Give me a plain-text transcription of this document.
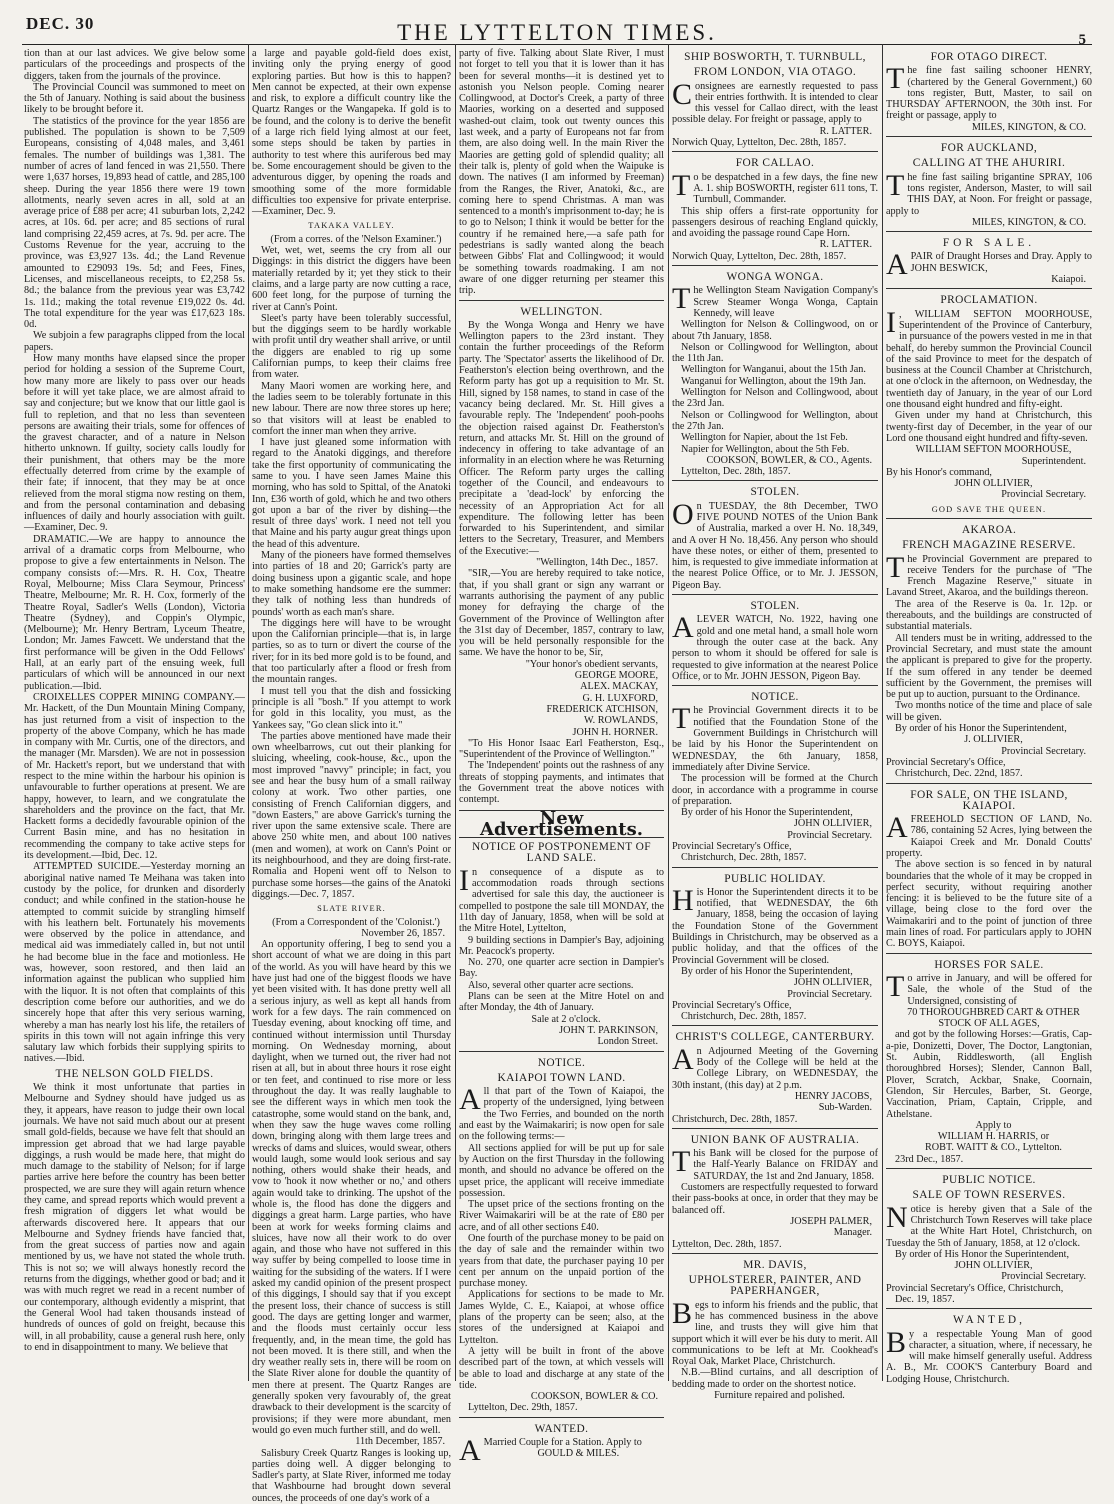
DEC. 30	THE LYTTELTON TIMES.	5

tion than at our last advices. We give below some particulars of the proceedings and prospects of the diggers, taken from the journals of the province.

The Provincial Council was summoned to meet on the 5th of January. Nothing is said about the business likely to be brought before it.

The statistics of the province for the year 1856 are published. The population is shown to be 7,509 Europeans, consisting of 4,048 males, and 3,461 females. The number of buildings was 1,381. The number of acres of land fenced in was 21,550. There were 1,637 horses, 19,893 head of cattle, and 285,100 sheep. During the year 1856 there were 19 town allotments, nearly seven acres in all, sold at an average price of £88 per acre; 41 suburban lots, 2,242 acres, at 10s. 6d. per acre; and 85 sections of rural land comprising 22,459 acres, at 7s. 9d. per acre. The Customs Revenue for the year, accruing to the province, was £3,927 13s. 4d.; the Land Revenue amounted to £29093 19s. 5d; and Fees, Fines, Licenses, and miscellaneous receipts, to £2,258 5s. 8d.; the balance from the previous year was £3,742 1s. 11d.; making the total revenue £19,022 0s. 4d. The total expenditure for the year was £17,623 18s. 0d.

We subjoin a few paragraphs clipped from the local papers.

How many months have elapsed since the proper period for holding a session of the Supreme Court, how many more are likely to pass over our heads before it will yet take place, we are almost afraid to say and conjecture; but we know that our little gaol is full to repletion, and that no less than seventeen persons are awaiting their trials, some for offences of the gravest character, and of a nature in Nelson hitherto unknown. If guilty, society calls loudly for their punishment, that others may be the more effectually deterred from crime by the example of their fate; if innocent, that they may be at once relieved from the moral stigma now resting on them, and from the personal contamination and debasing influences of daily and hourly association with guilt.—Examiner, Dec. 9.

DRAMATIC.—We are happy to announce the arrival of a dramatic corps from Melbourne, who propose to give a few entertainments in Nelson. The company consists of:—Mrs. R. H. Cox, Theatre Royal, Melbourne; Miss Clara Seymour, Princess' Theatre, Melbourne; Mr. R. H. Cox, formerly of the Theatre Royal, Sadler's Wells (London), Victoria Theatre (Sydney), and Coppin's Olympic, (Melbourne); Mr. Henry Bertram, Lyceum Theatre, London; Mr. James Fawcett. We understand that the first performance will be given in the Odd Fellows' Hall, at an early part of the ensuing week, full particulars of which will be announced in our next publication.—Ibid.

CROIXELLES COPPER MINING COMPANY.—Mr. Hackett, of the Dun Mountain Mining Company, has just returned from a visit of inspection to the property of the above Company, which he has made in company with Mr. Curtis, one of the directors, and the manager (Mr. Marsden). We are not in possession of Mr. Hackett's report, but we understand that with respect to the mine within the harbour his opinion is unfavourable to further operations at present. We are happy, however, to learn, and we congratulate the shareholders and the province on the fact, that Mr. Hackett forms a decidedly favourable opinion of the Current Basin mine, and has no hesitation in recommending the company to take active steps for its development.—Ibid, Dec. 12.

ATTEMPTED SUICIDE.—Yesterday morning an aboriginal native named Te Meihana was taken into custody by the police, for drunken and disorderly conduct; and while confined in the station-house he attempted to commit suicide by strangling himself with his leathern belt. Fortunately his movements were observed by the police in attendance, and medical aid was immediately called in, but not until he had become blue in the face and motionless. He was, however, soon restored, and then laid an information against the publican who supplied him with the liquor. It is not often that complaints of this description come before our authorities, and we do sincerely hope that after this very serious warning, whereby a man has nearly lost his life, the retailers of spirits in this town will not again infringe this very salutary law which forbids their supplying spirits to natives.—Ibid.

THE NELSON GOLD FIELDS.

We think it most unfortunate that parties in Melbourne and Sydney should have judged us as they, it appears, have reason to judge their own local journals. We have not said much about our at present small gold-fields, because we have felt that should an impression get abroad that we had large payable diggings, a rush would be made here, that might do much damage to the stability of Nelson; for if large parties arrive here before the country has been better prospected, we are sure they will again return whence they came, and spread reports which would prevent a fresh migration of diggers let what would be afterwards discovered here. It appears that our Melbourne and Sydney friends have fancied that, from the great success of parties now and again mentioned by us, we have not stated the whole truth. This is not so; we will always honestly record the returns from the diggings, whether good or bad; and it was with much regret we read in a recent number of our contemporary, although evidently a misprint, that the General Wool had taken thousands instead of hundreds of ounces of gold on freight, because this will, in all probability, cause a general rush here, only to end in disappointment to many. We believe that

a large and payable gold-field does exist, inviting only the prying energy of good exploring parties. But how is this to happen? Men cannot be expected, at their own expense and risk, to explore a difficult country like the Quartz Ranges or the Wangapeka. If gold is to be found, and the colony is to derive the benefit of a large rich field lying almost at our feet, some steps should be taken by parties in authority to test where this auriferous bed may be. Some encouragement should be given to the adventurous digger, by opening the roads and smoothing some of the more formidable difficulties too expensive for private enterprise.—Examiner, Dec. 9.

TAKAKA VALLEY.

(From a corres. of the 'Nelson Examiner.')

Wet, wet, wet, seems the cry from all our Diggings: in this district the diggers have been materially retarded by it; yet they stick to their claims, and a large party are now cutting a race, 600 feet long, for the purpose of turning the river at Cann's Point.

Sleet's party have been tolerably successful, but the diggings seem to be hardly workable with profit until dry weather shall arrive, or until the diggers are enabled to rig up some Californian pumps, to keep their claims free from water.

Many Maori women are working here, and the ladies seem to be tolerably fortunate in this new labour. There are now three stores up here; so that visitors will at least be enabled to comfort the inner man when they arrive.

I have just gleaned some information with regard to the Anatoki diggings, and therefore take the first opportunity of communicating the same to you. I have seen James Maine this morning, who has sold to Spittal, of the Anatoki Inn, £36 worth of gold, which he and two others got upon a bar of the river by dishing—the result of three days' work. I need not tell you that Maine and his party augur great things upon the head of this adventure.

Many of the pioneers have formed themselves into parties of 18 and 20; Garrick's party are doing business upon a gigantic scale, and hope to make something handsome ere the summer: they talk of nothing less than hundreds of pounds' worth as each man's share.

The diggings here will have to be wrought upon the Californian principle—that is, in large parties, so as to turn or divert the course of the river; for in its bed more gold is to be found, and that too particularly after a flood or fresh from the mountain ranges.

I must tell you that the dish and fossicking principle is all "bosh." If you attempt to work for gold in this locality, you must, as the Yankees say, "Go clean slick into it."

The parties above mentioned have made their own wheelbarrows, cut out their planking for sluicing, wheeling, cook-house, &c., upon the most improved "navvy" principle; in fact, you see and hear the busy hum of a small railway colony at work. Two other parties, one consisting of French Californian diggers, and "down Easters," are above Garrick's turning the river upon the same extensive scale. There are above 250 white men, and about 100 natives (men and women), at work on Cann's Point or its neighbourhood, and they are doing first-rate. Romalia and Hopeni went off to Nelson to purchase some horses—the gains of the Anatoki diggings.—Dec. 7, 1857.

SLATE RIVER.

(From a Correspondent of the 'Colonist.')

November 26, 1857.

An opportunity offering, I beg to send you a short account of what we are doing in this part of the world. As you will have heard by this we have just had one of the biggest floods we have yet been visited with. It has done pretty well all a serious injury, as well as kept all hands from work for a few days. The rain commenced on Tuesday evening, about knocking off time, and continued without intermission until Thursday morning. On Wednesday morning, about daylight, when we turned out, the river had not risen at all, but in about three hours it rose eight or ten feet, and continued to rise more or less throughout the day. It was really laughable to see the different ways in which men took the catastrophe, some would stand on the bank, and, when they saw the huge waves come rolling down, bringing along with them large trees and wrecks of dams and sluices, would swear, others would laugh, some would look serious and say nothing, others would shake their heads, and vow to 'hook it now whether or no,' and others again would take to drinking. The upshot of the whole is, the flood has done the diggers and diggings a great harm. Large parties, who have been at work for weeks forming claims and sluices, have now all their work to do over again, and those who have not suffered in this way suffer by being compelled to loose time in waiting for the subsiding of the waters. If I were asked my candid opinion of the present prospect of this diggings, I should say that if you except the present loss, their chance of success is still good. The days are getting longer and warmer, and the floods must certainly occur less frequently, and, in the mean time, the gold has not been moved. It is there still, and when the dry weather really sets in, there will be room on the Slate River alone for double the quantity of men there at present. The Quartz Ranges are generally spoken very favourably of, the great drawback to their development is the scarcity of provisions; if they were more abundant, men would go even much further still, and do well.

11th December, 1857.

Salisbury Creek Quartz Ranges is looking up, parties doing well. A digger belonging to Sadler's party, at Slate River, informed me today that Washbourne had brought down several ounces, the proceeds of one day's work of a

party of five. Talking about Slate River, I must not forget to tell you that it is lower than it has been for several months—it is destined yet to astonish you Nelson people. Coming nearer Collingwood, at Doctor's Creek, a party of three Maories, working on a deserted and supposed washed-out claim, took out twenty ounces this last week, and a party of Europeans not far from them, are also doing well. In the main River the Maories are getting gold of splendid quality; all their talk is, plenty of gold when the Waipuke is down. The natives (I am informed by Freeman) from the Ranges, the River, Anatoki, &c., are coming here to spend Christmas. A man was sentenced to a month's imprisonment to-day; he is to go to Nelson; I think it would be better for the country if he remained here,—a safe path for pedestrians is sadly wanted along the beach between Gibbs' Flat and Collingwood; it would be something towards roadmaking. I am not aware of one digger returning per steamer this trip.

WELLINGTON.

By the Wonga Wonga and Henry we have Wellington papers to the 23rd instant. They contain the further proceedings of the Reform party. The 'Spectator' asserts the likelihood of Dr. Featherston's election being overthrown, and the Reform party has got up a requisition to Mr. St. Hill, signed by 158 names, to stand in case of the vacancy being declared. Mr. St. Hill gives a favourable reply. The 'Independent' pooh-poohs the objection raised against Dr. Featherston's return, and attacks Mr. St. Hill on the ground of indecency in offering to take advantage of an informality in an election where he was Returning Officer. The Reform party urges the calling together of the Council, and endeavours to precipitate a 'dead-lock' by enforcing the necessity of an Appropriation Act for all expenditure. The following letter has been forwarded to his Superintendent, and similar letters to the Secretary, Treasurer, and Members of the Executive:—

"Wellington, 14th Dec., 1857.

"SIR,—You are hereby required to take notice, that, if you shall grant or sign any warrant or warrants authorising the payment of any public money for defraying the charge of the Government of the Province of Wellington after the 31st day of December, 1857, contrary to law, you will be held personally responsible for the same. We have the honor to be, Sir,

"Your honor's obedient servants,

GEORGE MOORE,

ALEX. MACKAY,

G. H. LUXFORD,

FREDERICK ATCHISON,

W. ROWLANDS,

JOHN H. HORNER.

"To His Honor Isaac Earl Featherston, Esq., "Superintendent of the Province of Wellington."

The 'Independent' points out the rashness of any threats of stopping payments, and intimates that the Government treat the above notices with contempt.

New Advertisements.
NOTICE OF POSTPONEMENT OF LAND SALE.

In consequence of a dispute as to accommodation roads through sections advertised for sale this day, the auctioneer is compelled to postpone the sale till MONDAY, the 11th day of January, 1858, when will be sold at the Mitre Hotel, Lyttelton,

9 building sections in Dampier's Bay, adjoining Mr. Peacock's property.

No. 270, one quarter acre section in Dampier's Bay.

Also, several other quarter acre sections.

Plans can be seen at the Mitre Hotel on and after Monday, the 4th of January.

Sale at 2 o'clock.

JOHN T. PARKINSON,

London Street.

NOTICE.
KAIAPOI TOWN LAND.

All that part of the Town of Kaiapoi, the property of the undersigned, lying between the Two Ferries, and bounded on the north and east by the Waimakariri; is now open for sale on the following terms:—

All sections applied for will be put up for sale by Auction on the first Thursday in the following month, and should no advance be offered on the upset price, the applicant will receive immediate possession.

The upset price of the sections fronting on the River Waimakariri will be at the rate of £80 per acre, and of all other sections £40.

One fourth of the purchase money to be paid on the day of sale and the remainder within two years from that date, the purchaser paying 10 per cent per annum on the unpaid portion of the purchase money.

Applications for sections to be made to Mr. James Wylde, C. E., Kaiapoi, at whose office plans of the property can be seen; also, at the stores of the undersigned at Kaiapoi and Lyttelton.

A jetty will be built in front of the above described part of the town, at which vessels will be able to load and discharge at any state of the tide.

COOKSON, BOWLER & CO.

Lyttelton, Dec. 29th, 1857.

WANTED.

A Married Couple for a Station. Apply to

GOULD & MILES.

SHIP BOSWORTH, T. TURNBULL,
FROM LONDON, VIA OTAGO.

Consignees are earnestly requested to pass their entries forthwith. It is intended to clear this vessel for Callao direct, with the least possible delay. For freight or passage, apply to

R. LATTER.

Norwich Quay, Lyttelton, Dec. 28th, 1857.

FOR CALLAO.

To be despatched in a few days, the fine new A. 1. ship BOSWORTH, register 611 tons, T. Turnbull, Commander.

This ship offers a first-rate opportunity for passengers desirous of reaching England quickly, and avoiding the passage round Cape Horn.

R. LATTER.

Norwich Quay, Lyttelton, Dec. 28th, 1857.

WONGA WONGA.

The Wellington Steam Navigation Company's Screw Steamer Wonga Wonga, Captain Kennedy, will leave

Wellington for Nelson & Collingwood, on or about 7th January, 1858.

Nelson or Collingwood for Wellington, about the 11th Jan.

Wellington for Wanganui, about the 15th Jan.

Wanganui for Wellington, about the 19th Jan.

Wellington for Nelson and Collingwood, about the 23rd Jan.

Nelson or Collingwood for Wellington, about the 27th Jan.

Wellington for Napier, about the 1st Feb.

Napier for Wellington, about the 5th Feb.

COOKSON, BOWLER, & CO., Agents.

Lyttelton, Dec. 28th, 1857.

STOLEN.

On TUESDAY, the 8th December, TWO FIVE POUND NOTES of the Union Bank of Australia, marked a over H. No. 18,349, and A over H No. 18,456. Any person who should have these notes, or either of them, presented to him, is requested to give immediate information at the nearest Police Office, or to Mr. J. JESSON, Pigeon Bay.

STOLEN.

A LEVER WATCH, No. 1922, having one gold and one metal hand, a small hole worn through the outer case at the back. Any person to whom it should be offered for sale is requested to give information at the nearest Police Office, or to Mr. JOHN JESSON, Pigeon Bay.

NOTICE.

The Provincial Government directs it to be notified that the Foundation Stone of the Government Buildings in Christchurch will be laid by his Honor the Superintendent on WEDNESDAY, the 6th January, 1858, immediately after Divine Service.

The procession will be formed at the Church door, in accordance with a programme in course of preparation.

By order of his Honor the Superintendent,

JOHN OLLIVIER,

Provincial Secretary.

Provincial Secretary's Office,

Christchurch, Dec. 28th, 1857.

PUBLIC HOLIDAY.

His Honor the Superintendent directs it to be notified, that WEDNESDAY, the 6th January, 1858, being the occasion of laying the Foundation Stone of the Government Buildings in Christchurch, may be observed as a public holiday, and that the offices of the Provincial Government will be closed.

By order of his Honor the Superintendent,

JOHN OLLIVIER,

Provincial Secretary.

Provincial Secretary's Office,

Christchurch, Dec. 28th, 1857.

CHRIST'S COLLEGE, CANTERBURY.

An Adjourned Meeting of the Governing Body of the College will be held at the College Library, on WEDNESDAY, the 30th instant, (this day) at 2 p.m.

HENRY JACOBS,

Sub-Warden.

Christchurch, Dec. 28th, 1857.

UNION BANK OF AUSTRALIA.

This Bank will be closed for the purpose of the Half-Yearly Balance on FRIDAY and SATURDAY, the 1st and 2nd January, 1858.

Customers are respectfully requested to forward their pass-books at once, in order that they may be balanced off.

JOSEPH PALMER,

Manager.

Lyttelton, Dec. 28th, 1857.

MR. DAVIS,
UPHOLSTERER, PAINTER, AND PAPERHANGER,

Begs to inform his friends and the public, that he has commenced business in the above line, and trusts they will give him that support which it will ever be his duty to merit. All communications to be left at Mr. Cookhead's Royal Oak, Market Place, Christchurch.

N.B.—Blind curtains, and all description of bedding made to order on the shortest notice.

Furniture repaired and polished.

FOR OTAGO DIRECT.

The fine fast sailing schooner HENRY, (chartered by the General Government,) 60 tons register, Butt, Master, to sail on THURSDAY AFTERNOON, the 30th inst. For freight or passage, apply to

MILES, KINGTON, & CO.

FOR AUCKLAND,
CALLING AT THE AHURIRI.

The fine fast sailing brigantine SPRAY, 106 tons register, Anderson, Master, to will sail THIS DAY, at Noon. For freight or passage, apply to

MILES, KINGTON, & CO.

FOR SALE.

A PAIR of Draught Horses and Dray. Apply to JOHN BESWICK,

Kaiapoi.

PROCLAMATION.

I , WILLIAM SEFTON MOORHOUSE, Superintendent of the Province of Canterbury, in pursuance of the powers vested in me in that behalf, do hereby summon the Provincial Council of the said Province to meet for the despatch of business at the Council Chamber at Christchurch, at one o'clock in the afternoon, on Wednesday, the twentieth day of January, in the year of our Lord one thousand eight hundred and fifty-eight.

Given under my hand at Christchurch, this twenty-first day of December, in the year of our Lord one thousand eight hundred and fifty-seven.

WILLIAM SEFTON MOORHOUSE,

Superintendent.

By his Honor's command,

JOHN OLLIVIER,

Provincial Secretary.

GOD SAVE THE QUEEN.
AKAROA.
FRENCH MAGAZINE RESERVE.

The Provincial Government are prepared to receive Tenders for the purchase of "The French Magazine Reserve," situate in Lavand Street, Akaroa, and the buildings thereon.

The area of the Reserve is 0a. 1r. 12p. or thereabouts, and the buildings are constructed of substantial materials.

All tenders must be in writing, addressed to the Provincial Secretary, and must state the amount the applicant is prepared to give for the property. If the sum offered in any tender be deemed sufficient by the Government, the premises will be put up to auction, pursuant to the Ordinance.

Two months notice of the time and place of sale will be given.

By order of his Honor the Superintendent,

J. OLLIVIER,

Provincial Secretary.

Provincial Secretary's Office,

Christchurch, Dec. 22nd, 1857.

FOR SALE, ON THE ISLAND, KAIAPOI.

A FREEHOLD SECTION OF LAND, No. 786, containing 52 Acres, lying between the Kaiapoi Creek and Mr. Donald Coutts' property.

The above section is so fenced in by natural boundaries that the whole of it may be cropped in perfect security, without requiring another fencing: it is believed to be the future site of a village, being close to the ford over the Waimakariri and to the point of junction of three main lines of road. For particulars apply to JOHN C. BOYS, Kaiapoi.

HORSES FOR SALE.

To arrive in January, and will be offered for Sale, the whole of the Stud of the Undersigned, consisting of

70 THOROUGHBRED CART & OTHER STOCK OF ALL AGES,

and got by the following Horses:—Gratis, Cap-a-pie, Donizetti, Dover, The Doctor, Langtonian, St. Aubin, Riddlesworth, (all English thoroughbred Horses); Slender, Cannon Ball, Plover, Scratch, Ackbar, Snake, Coornain, Glendon, Sir Hercules, Barber, St. George, Vaccination, Priam, Captain, Cripple, and Athelstane.

Apply to

WILLIAM H. HARRIS, or

ROBT. WAITT & CO., Lyttelton.

23rd Dec., 1857.

PUBLIC NOTICE.
SALE OF TOWN RESERVES.

Notice is hereby given that a Sale of the Christchurch Town Reserves will take place at the White Hart Hotel, Christchurch, on Tuesday the 5th of January, 1858, at 12 o'clock.

By order of His Honor the Superintendent,

JOHN OLLIVIER,

Provincial Secretary.

Provincial Secretary's Office, Christchurch,

Dec. 19, 1857.

WANTED,

By a respectable Young Man of good character, a situation, where, if necessary, he will make himself generally useful. Address A. B., Mr. COOK'S Canterbury Board and Lodging House, Christchurch.
